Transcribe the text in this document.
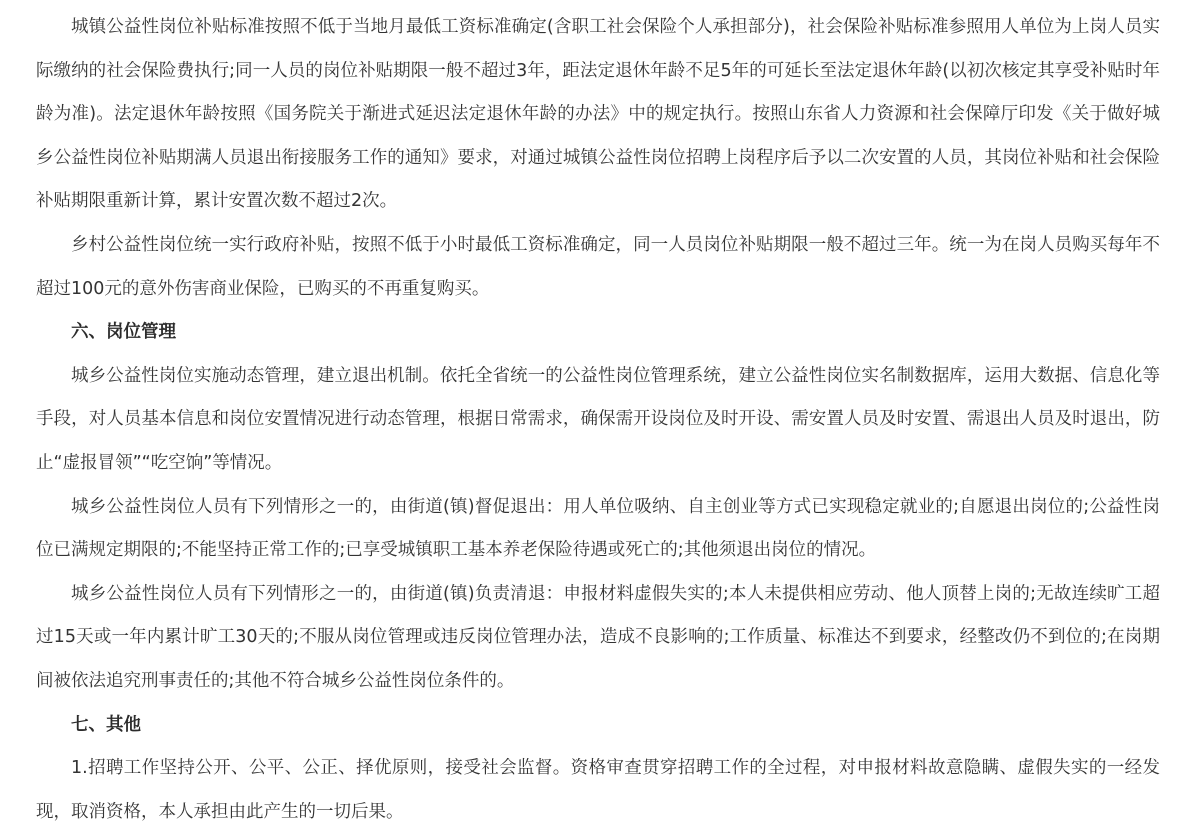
城镇公益性岗位补贴标准按照不低于当地月最低工资标准确定(含职工社会保险个人承担部分)，社会保险补贴标准参照用人单位为上岗人员实际缴纳的社会保险费执行;同一人员的岗位补贴期限一般不超过3年，距法定退休年龄不足5年的可延长至法定退休年龄(以初次核定其享受补贴时年龄为准)。法定退休年龄按照《国务院关于渐进式延迟法定退休年龄的办法》中的规定执行。按照山东省人力资源和社会保障厅印发《关于做好城乡公益性岗位补贴期满人员退出衔接服务工作的通知》要求，对通过城镇公益性岗位招聘上岗程序后予以二次安置的人员，其岗位补贴和社会保险补贴期限重新计算，累计安置次数不超过2次。

乡村公益性岗位统一实行政府补贴，按照不低于小时最低工资标准确定，同一人员岗位补贴期限一般不超过三年。统一为在岗人员购买每年不超过100元的意外伤害商业保险，已购买的不再重复购买。

六、岗位管理

城乡公益性岗位实施动态管理，建立退出机制。依托全省统一的公益性岗位管理系统，建立公益性岗位实名制数据库，运用大数据、信息化等手段，对人员基本信息和岗位安置情况进行动态管理，根据日常需求，确保需开设岗位及时开设、需安置人员及时安置、需退出人员及时退出，防止“虚报冒领”“吃空饷”等情况。

城乡公益性岗位人员有下列情形之一的，由街道(镇)督促退出：用人单位吸纳、自主创业等方式已实现稳定就业的;自愿退出岗位的;公益性岗位已满规定期限的;不能坚持正常工作的;已享受城镇职工基本养老保险待遇或死亡的;其他须退出岗位的情况。

城乡公益性岗位人员有下列情形之一的，由街道(镇)负责清退：申报材料虚假失实的;本人未提供相应劳动、他人顶替上岗的;无故连续旷工超过15天或一年内累计旷工30天的;不服从岗位管理或违反岗位管理办法，造成不良影响的;工作质量、标准达不到要求，经整改仍不到位的;在岗期间被依法追究刑事责任的;其他不符合城乡公益性岗位条件的。

七、其他

1.招聘工作坚持公开、公平、公正、择优原则，接受社会监督。资格审查贯穿招聘工作的全过程，对申报材料故意隐瞒、虚假失实的一经发现，取消资格，本人承担由此产生的一切后果。
